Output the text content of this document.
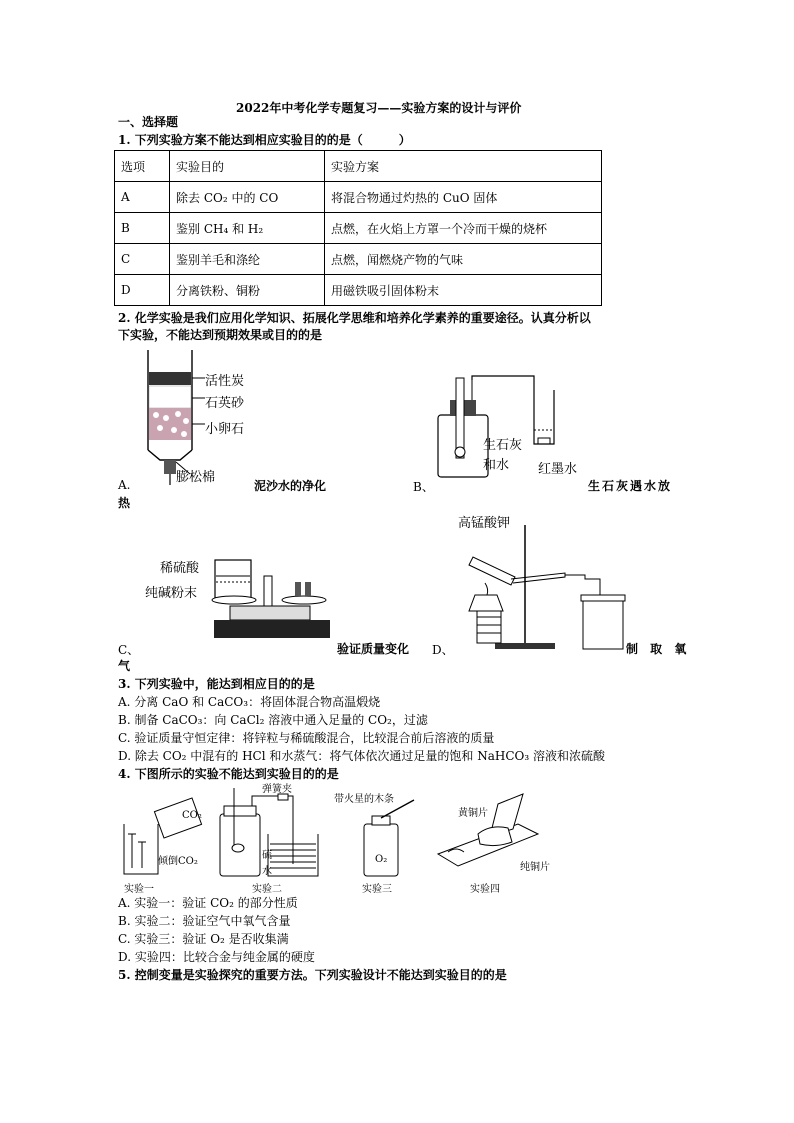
2022年中考化学专题复习——实验方案的设计与评价
一、选择题
1. 下列实验方案不能达到相应实验目的的是（　　　）
选项	实验目的	实验方案
A	除去 CO₂ 中的 CO	将混合物通过灼热的 CuO 固体
B	鉴别 CH₄ 和 H₂	点燃，在火焰上方罩一个冷而干燥的烧杯
C	鉴别羊毛和涤纶	点燃，闻燃烧产物的气味
D	分离铁粉、铜粉	用磁铁吸引固体粉末
2. 化学实验是我们应用化学知识、拓展化学思维和培养化学素养的重要途径。认真分析以
下实验，不能达到预期效果或目的的是
活性炭
石英砂
小卵石
膨松棉
A.	泥沙水的净化
生石灰
和水 红墨水
B、	生石灰遇水放
热
稀硫酸
纯碱粉末
C、	验证质量变化
高锰酸钾
D、	制 取 氧
气
3. 下列实验中，能达到相应目的的是
A. 分离 CaO 和 CaCO₃：将固体混合物高温煅烧
B. 制备 CaCO₃：向 CaCl₂ 溶液中通入足量的 CO₂，过滤
C. 验证质量守恒定律：将锌粒与稀硫酸混合，比较混合前后溶液的质量
D. 除去 CO₂ 中混有的 HCl 和水蒸气：将气体依次通过足量的饱和 NaHCO₃ 溶液和浓硫酸
4. 下图所示的实验不能达到实验目的的是
CO₂
倾倒CO₂
弹簧夹
硫
水
带火星的木条
O₂
黄铜片
纯铜片
实验一	实验二	实验三	实验四
A. 实验一：验证 CO₂ 的部分性质
B. 实验二：验证空气中氧气含量
C. 实验三：验证 O₂ 是否收集满
D. 实验四：比较合金与纯金属的硬度
5. 控制变量是实验探究的重要方法。下列实验设计不能达到实验目的的是
